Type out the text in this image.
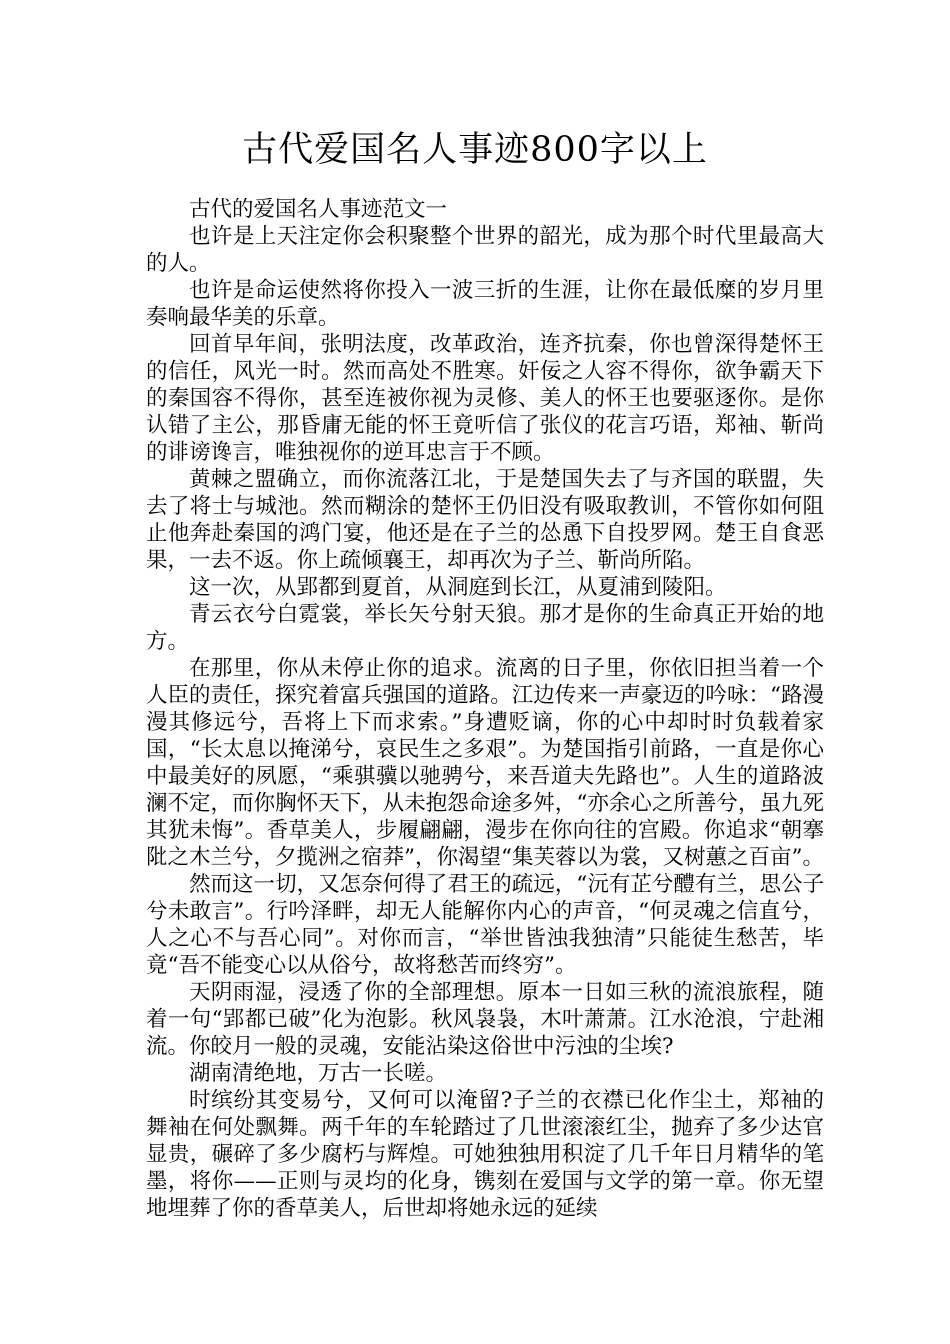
古代爱国名人事迹800字以上

古代的爱国名人事迹范文一

也许是上天注定你会积聚整个世界的韶光，成为那个时代里最高大的人。

也许是命运使然将你投入一波三折的生涯，让你在最低糜的岁月里奏响最华美的乐章。

回首早年间，张明法度，改革政治，连齐抗秦，你也曾深得楚怀王的信任，风光一时。然而高处不胜寒。奸佞之人容不得你，欲争霸天下的秦国容不得你，甚至连被你视为灵修、美人的怀王也要驱逐你。是你认错了主公，那昏庸无能的怀王竟听信了张仪的花言巧语，郑袖、靳尚的诽谤谗言，唯独视你的逆耳忠言于不顾。

黄棘之盟确立，而你流落江北，于是楚国失去了与齐国的联盟，失去了将士与城池。然而糊涂的楚怀王仍旧没有吸取教训，不管你如何阻止他奔赴秦国的鸿门宴，他还是在子兰的怂恿下自投罗网。楚王自食恶果，一去不返。你上疏倾襄王，却再次为子兰、靳尚所陷。

这一次，从郢都到夏首，从洞庭到长江，从夏浦到陵阳。

青云衣兮白霓裳，举长矢兮射天狼。那才是你的生命真正开始的地方。

在那里，你从未停止你的追求。流离的日子里，你依旧担当着一个人臣的责任，探究着富兵强国的道路。江边传来一声豪迈的吟咏：“路漫漫其修远兮，吾将上下而求索。”身遭贬谪，你的心中却时时负载着家国，“长太息以掩涕兮，哀民生之多艰”。为楚国指引前路，一直是你心中最美好的夙愿，“乘骐骥以驰骋兮，来吾道夫先路也”。人生的道路波澜不定，而你胸怀天下，从未抱怨命途多舛，“亦余心之所善兮，虽九死其犹未悔”。香草美人，步履翩翩，漫步在你向往的宫殿。你追求“朝搴阰之木兰兮，夕揽洲之宿莽”，你渴望“集芙蓉以为裳，又树蕙之百亩”。

然而这一切，又怎奈何得了君王的疏远，“沅有芷兮醴有兰，思公子兮未敢言”。行吟泽畔，却无人能解你内心的声音，“何灵魂之信直兮，人之心不与吾心同”。对你而言，“举世皆浊我独清”只能徒生愁苦，毕竟“吾不能变心以从俗兮，故将愁苦而终穷”。

天阴雨湿，浸透了你的全部理想。原本一日如三秋的流浪旅程，随着一句“郢都已破”化为泡影。秋风袅袅，木叶萧萧。江水沧浪，宁赴湘流。你皎月一般的灵魂，安能沾染这俗世中污浊的尘埃?

湖南清绝地，万古一长嗟。

时缤纷其变易兮，又何可以淹留?子兰的衣襟已化作尘土，郑袖的舞袖在何处飘舞。两千年的车轮踏过了几世滚滚红尘，抛弃了多少达官显贵，碾碎了多少腐朽与辉煌。可她独独用积淀了几千年日月精华的笔墨，将你——正则与灵均的化身，镌刻在爱国与文学的第一章。你无望地埋葬了你的香草美人，后世却将她永远的延续
